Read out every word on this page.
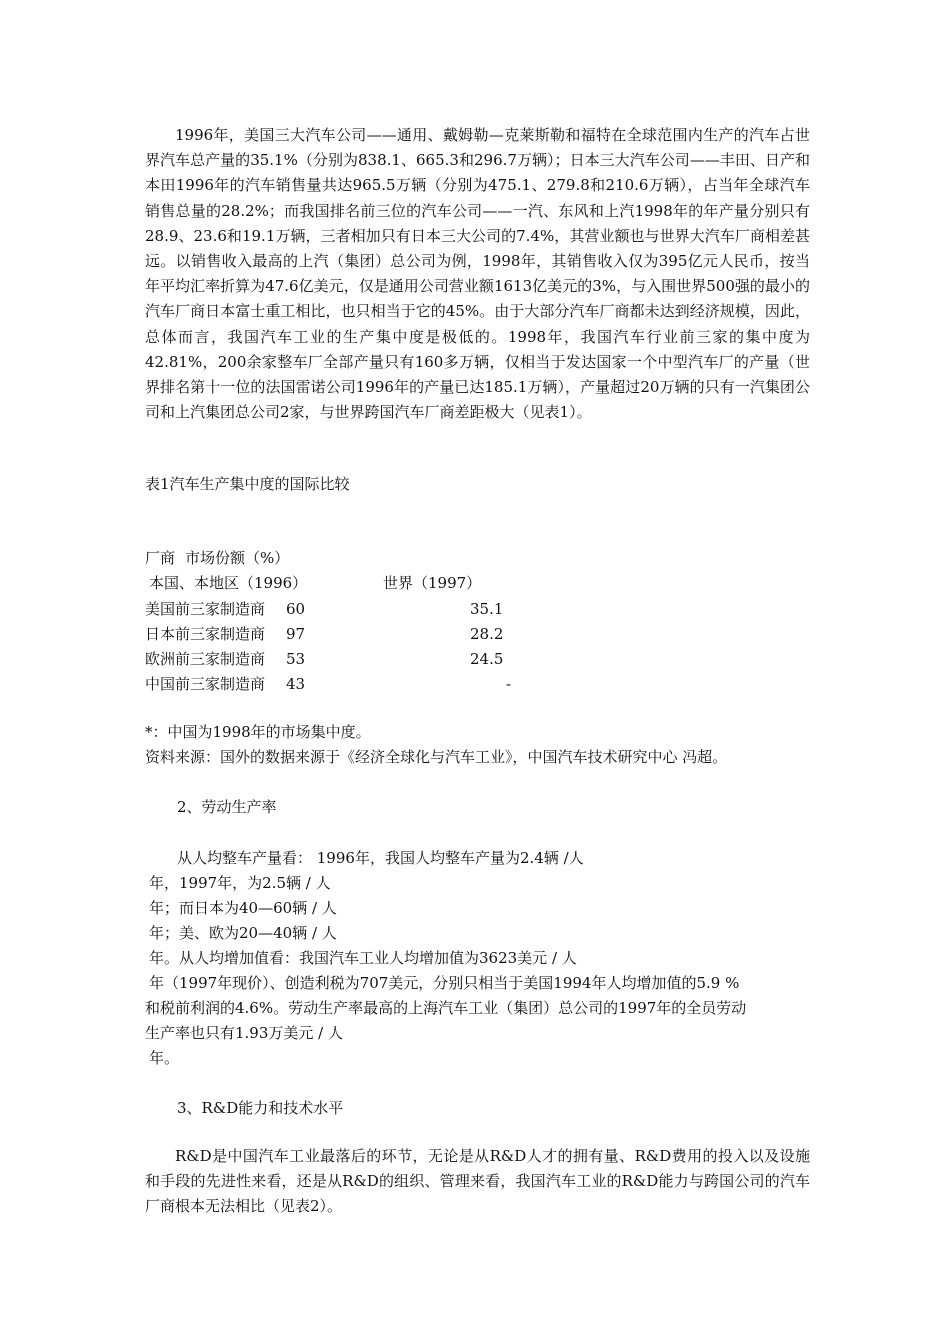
1996年，美国三大汽车公司——通用、戴姆勒—克莱斯勒和福特在全球范围内生产的汽车占世界汽车总产量的35.1%（分别为838.1、665.3和296.7万辆）；日本三大汽车公司——丰田、日产和本田1996年的汽车销售量共达965.5万辆（分别为475.1、279.8和210.6万辆），占当年全球汽车销售总量的28.2%；而我国排名前三位的汽车公司——一汽、东风和上汽1998年的年产量分别只有28.9、23.6和19.1万辆，三者相加只有日本三大公司的7.4%，其营业额也与世界大汽车厂商相差甚远。以销售收入最高的上汽（集团）总公司为例，1998年，其销售收入仅为395亿元人民币，按当年平均汇率折算为47.6亿美元，仅是通用公司营业额1613亿美元的3%，与入围世界500强的最小的汽车厂商日本富士重工相比，也只相当于它的45%。由于大部分汽车厂商都未达到经济规模，因此，总体而言，我国汽车工业的生产集中度是极低的。1998年，我国汽车行业前三家的集中度为42.81%，200余家整车厂全部产量只有160多万辆，仅相当于发达国家一个中型汽车厂的产量（世界排名第十一位的法国雷诺公司1996年的产量已达185.1万辆），产量超过20万辆的只有一汽集团公司和上汽集团总公司2家，与世界跨国汽车厂商差距极大（见表1）。

表1汽车生产集中度的国际比较
厂商 市场份额（%）
本国、本地区（1996）	世界（1997）
美国前三家制造商 60	35.1
日本前三家制造商 97	28.2
欧洲前三家制造商 53	24.5
中国前三家制造商 43	-
*：中国为1998年的市场集中度。
资料来源：国外的数据来源于《经济全球化与汽车工业》，中国汽车技术研究中心 冯超。
2、劳动生产率
从人均整车产量看： 1996年，我国人均整车产量为2.4辆 /人
年，1997年，为2.5辆 / 人
年；而日本为40—60辆 / 人
年；美、欧为20—40辆 / 人
年。从人均增加值看：我国汽车工业人均增加值为3623美元 / 人
年（1997年现价）、创造利税为707美元，分别只相当于美国1994年人均增加值的5.9 %
和税前利润的4.6%。劳动生产率最高的上海汽车工业（集团）总公司的1997年的全员劳动
生产率也只有1.93万美元 / 人
年。
3、R&D能力和技术水平

R&D是中国汽车工业最落后的环节，无论是从R&D人才的拥有量、R&D费用的投入以及设施和手段的先进性来看，还是从R&D的组织、管理来看，我国汽车工业的R&D能力与跨国公司的汽车厂商根本无法相比（见表2）。
